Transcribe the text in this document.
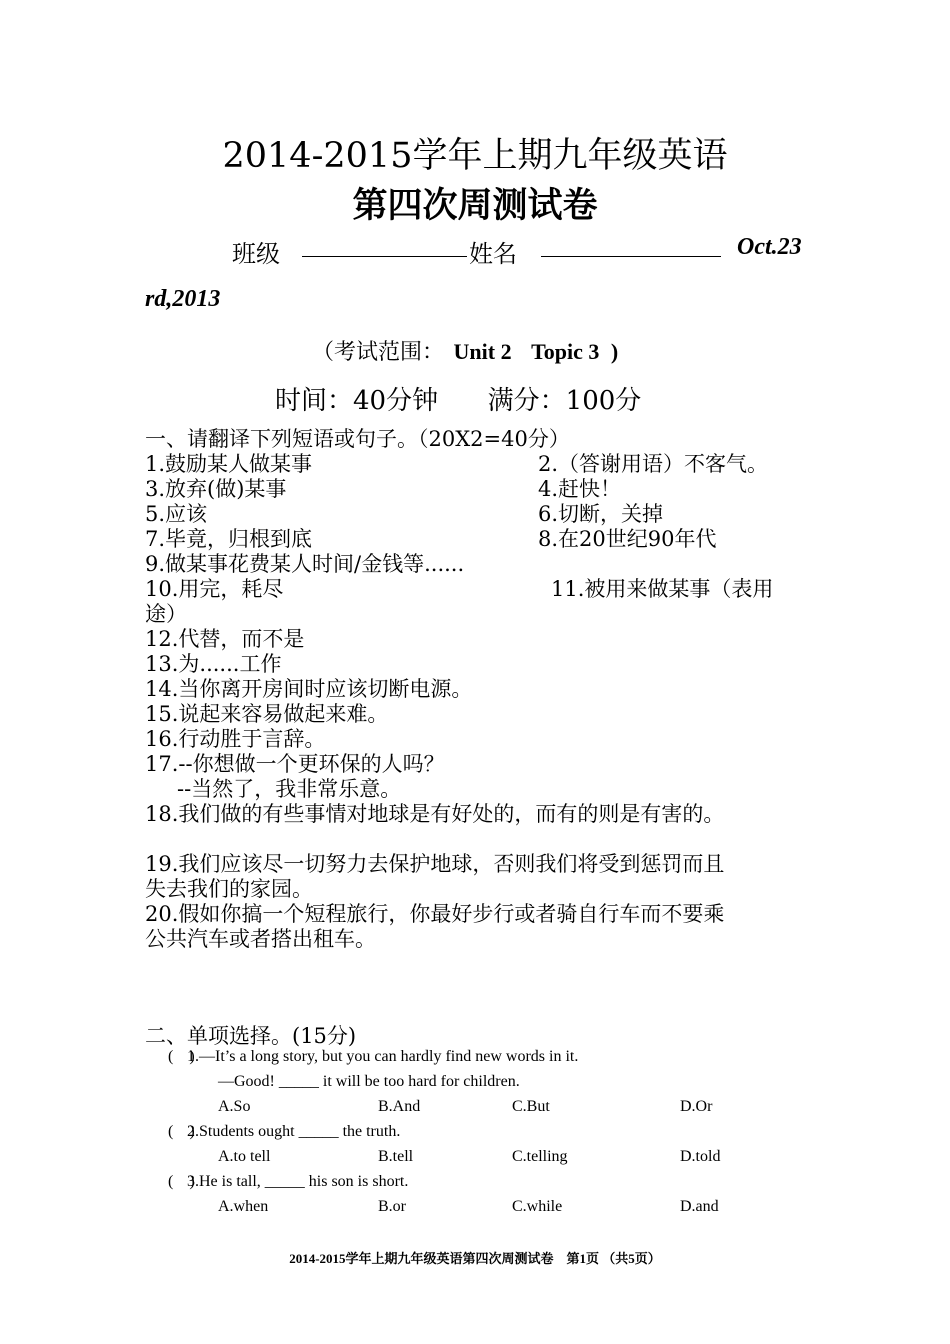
2014-2015学年上期九年级英语
第四次周测试卷
班级	姓名	Oct.23
rd,2013
（考试范围： Unit 2 Topic 3 )
时间：40分钟      满分：100分
一、请翻译下列短语或句子。（20X2=40分）
1.鼓励某人做某事	2.（答谢用语）不客气。
3.放弃(做)某事	4.赶快！
5.应该	6.切断，关掉
7.毕竟，归根到底	8.在20世纪90年代
9.做某事花费某人时间/金钱等......
10.用完，耗尽	11.被用来做某事（表用
途）
12.代替，而不是
13.为......工作
14.当你离开房间时应该切断电源。
15.说起来容易做起来难。
16.行动胜于言辞。
17.--你想做一个更环保的人吗？
--当然了，我非常乐意。
18.我们做的有些事情对地球是有好处的，而有的则是有害的。
19.我们应该尽一切努力去保护地球，否则我们将受到惩罚而且
失去我们的家园。
20.假如你搞一个短程旅行，你最好步行或者骑自行车而不要乘
公共汽车或者搭出租车。
二、单项选择。(15分)
(    )
1.—It’s a long story, but you can hardly find new words in it.
—Good! _____ it will be too hard for children.
A.So	B.And	C.But	D.Or
(    )
2.Students ought _____ the truth.
A.to tell	B.tell	C.telling	D.told
(    )
3.He is tall, _____ his son is short.
A.when	B.or	C.while	D.and
2014-2015学年上期九年级英语第四次周测试卷    第1页 （共5页）
